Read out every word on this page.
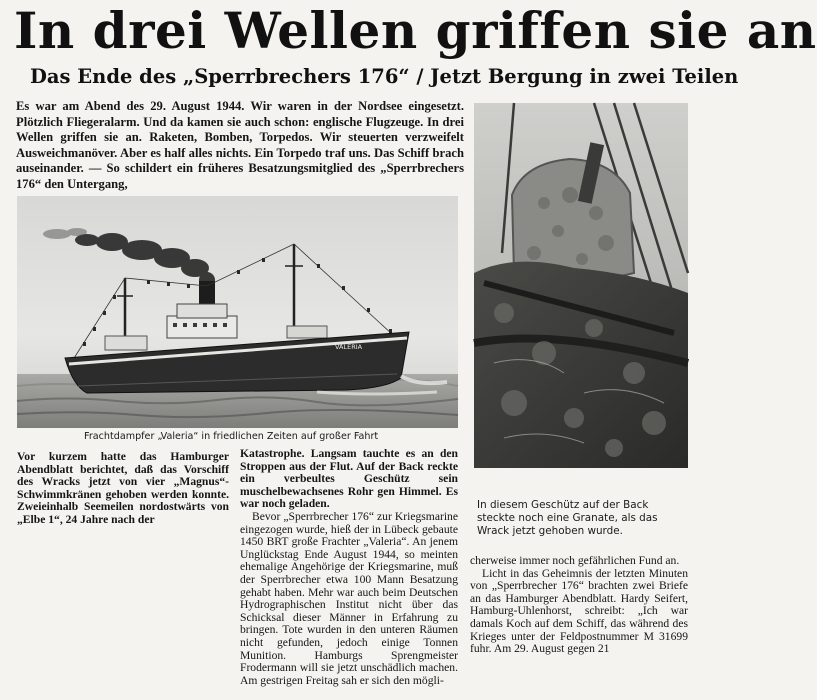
In drei Wellen griffen sie an
Das Ende des „Sperrbrechers 176“ / Jetzt Bergung in zwei Teilen

Es war am Abend des 29. August 1944. Wir waren in der Nordsee eingesetzt. Plötzlich Fliegeralarm. Und da kamen sie auch schon: englische Flugzeuge. In drei Wellen griffen sie an. Raketen, Bomben, Torpedos. Wir steuerten verzweifelt Ausweichmanöver. Aber es half alles nichts. Ein Torpedo traf uns. Das Schiff brach auseinander. — So schildert ein früheres Besatzungsmitglied des „Sperrbrechers 176“ den Untergang,

VALERIA
Frachtdampfer „Valeria“ in friedlichen Zeiten auf großer Fahrt
In diesem Geschütz auf der Back steckte noch eine Granate, als das Wrack jetzt gehoben wurde.

Vor kurzem hatte das Hamburger Abendblatt berichtet, daß das Vorschiff des Wracks jetzt von vier „Magnus“-Schwimmkränen gehoben werden konnte. Zweieinhalb Seemeilen nordostwärts von „Elbe 1“, 24 Jahre nach der

Katastrophe. Langsam tauchte es an den Stroppen aus der Flut. Auf der Back reckte ein verbeultes Geschütz sein muschelbewachsenes Rohr gen Himmel. Es war noch geladen.

Bevor „Sperrbrecher 176“ zur Kriegsmarine eingezogen wurde, hieß der in Lübeck gebaute 1450 BRT große Frachter „Valeria“. An jenem Unglückstag Ende August 1944, so meinten ehemalige Angehörige der Kriegsmarine, muß der Sperrbrecher etwa 100 Mann Besatzung gehabt haben. Mehr war auch beim Deutschen Hydrographischen Institut nicht über das Schicksal dieser Männer in Erfahrung zu bringen. Tote wurden in den unteren Räumen nicht gefunden, jedoch einige Tonnen Munition. Hamburgs Sprengmeister Frodermann will sie jetzt unschädlich machen. Am gestrigen Freitag sah er sich den mögli-

cherweise immer noch gefährlichen Fund an.

Licht in das Geheimnis der letzten Minuten von „Sperrbrecher 176“ brachten zwei Briefe an das Hamburger Abendblatt. Hardy Seifert, Hamburg-Uhlenhorst, schreibt: „Ich war damals Koch auf dem Schiff, das während des Krieges unter der Feldpostnummer M 31699 fuhr. Am 29. August gegen 21
